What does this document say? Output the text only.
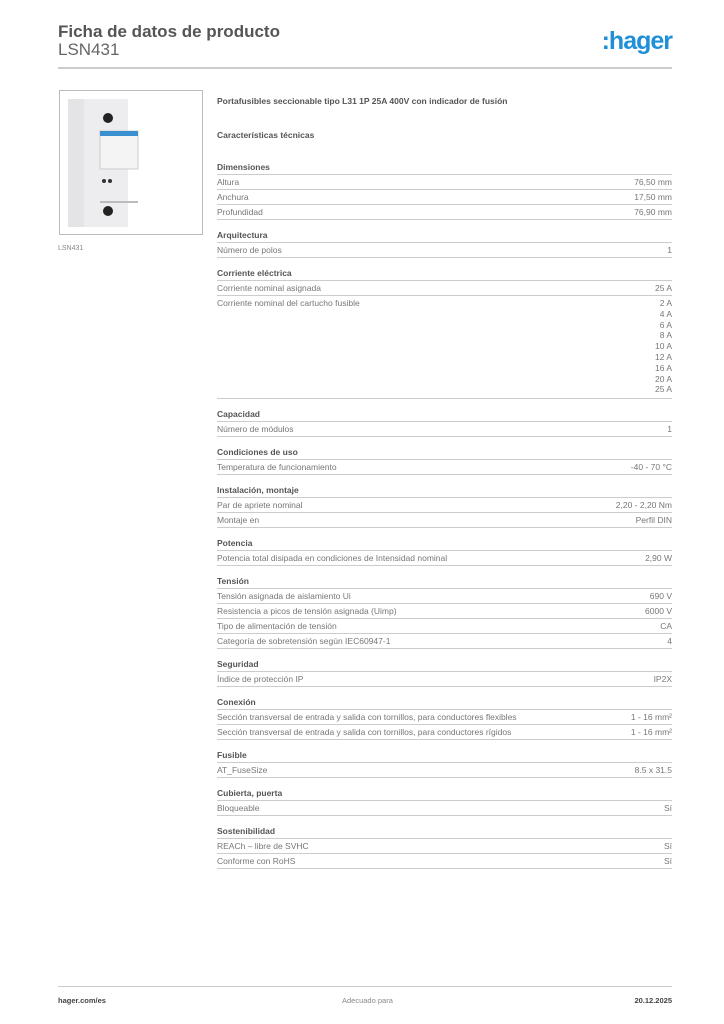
Ficha de datos de producto
LSN431	:hager
LSN431
Portafusibles seccionable tipo L31 1P 25A 400V con indicador de fusión
Características técnicas
Dimensiones
Altura	76,50 mm
Anchura	17,50 mm
Profundidad	76,90 mm
Arquitectura
Número de polos	1
Corriente eléctrica
Corriente nominal asignada	25 A
Corriente nominal del cartucho fusible	2 A
4 A
6 A
8 A
10 A
12 A
16 A
20 A
25 A
Capacidad
Número de módulos	1
Condiciones de uso
Temperatura de funcionamiento	-40 - 70 °C
Instalación, montaje
Par de apriete nominal	2,20 - 2,20 Nm
Montaje en	Perfil DIN
Potencia
Potencia total disipada en condiciones de Intensidad nominal	2,90 W
Tensión
Tensión asignada de aislamiento Ui	690 V
Resistencia a picos de tensión asignada (Uimp)	6000 V
Tipo de alimentación de tensión	CA
Categoría de sobretensión según IEC60947-1	4
Seguridad
Índice de protección IP	IP2X
Conexión
Sección transversal de entrada y salida con tornillos, para conductores flexibles	1 - 16 mm²
Sección transversal de entrada y salida con tornillos, para conductores rígidos	1 - 16 mm²
Fusible
AT_FuseSize	8.5 x 31.5
Cubierta, puerta
Bloqueable	Sí
Sostenibilidad
REACh – libre de SVHC	Sí
Conforme con RoHS	Sí
hager.com/es	Adecuado para	20.12.2025
